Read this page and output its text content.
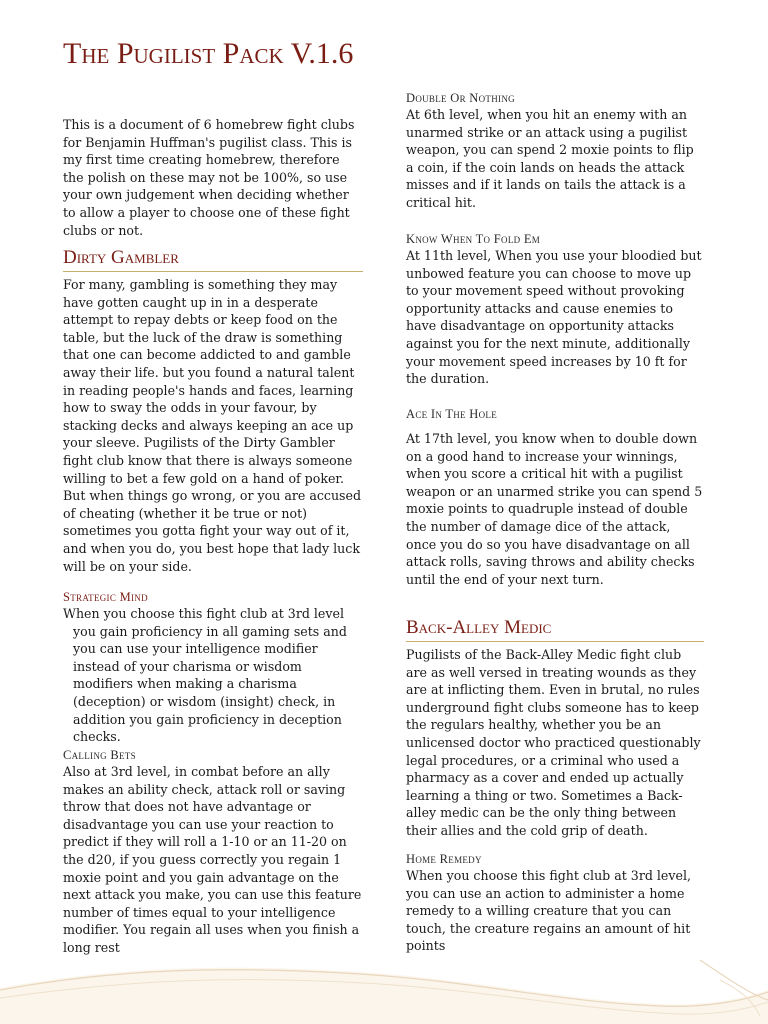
The Pugilist Pack V.1.6

This is a document of 6 homebrew fight clubs for Benjamin Huffman's pugilist class. This is my first time creating homebrew, therefore the polish on these may not be 100%, so use your own judgement when deciding whether to allow a player to choose one of these fight clubs or not.

Dirty Gambler

For many, gambling is something they may have gotten caught up in in a desperate attempt to repay debts or keep food on the table, but the luck of the draw is something that one can become addicted to and gamble away their life. but you found a natural talent in reading people's hands and faces, learning how to sway the odds in your favour, by stacking decks and always keeping an ace up your sleeve. Pugilists of the Dirty Gambler fight club know that there is always someone willing to bet a few gold on a hand of poker. But when things go wrong, or you are accused of cheating (whether it be true or not) sometimes you gotta fight your way out of it, and when you do, you best hope that lady luck will be on your side.

Strategic Mind

When you choose this fight club at 3rd level you gain proficiency in all gaming sets and you can use your intelligence modifier instead of your charisma or wisdom modifiers when making a charisma (deception) or wisdom (insight) check, in addition you gain proficiency in deception checks.

Calling Bets

Also at 3rd level, in combat before an ally makes an ability check, attack roll or saving throw that does not have advantage or disadvantage you can use your reaction to predict if they will roll a 1-10 or an 11-20 on the d20, if you guess correctly you regain 1 moxie point and you gain advantage on the next attack you make, you can use this feature number of times equal to your intelligence modifier. You regain all uses when you finish a long rest

Double Or Nothing

At 6th level, when you hit an enemy with an unarmed strike or an attack using a pugilist weapon, you can spend 2 moxie points to flip a coin, if the coin lands on heads the attack misses and if it lands on tails the attack is a critical hit.

Know When To Fold Em

At 11th level, When you use your bloodied but unbowed feature you can choose to move up to your movement speed without provoking opportunity attacks and cause enemies to have disadvantage on opportunity attacks against you for the next minute, additionally your movement speed increases by 10 ft for the duration.

Ace In The Hole

At 17th level, you know when to double down on a good hand to increase your winnings, when you score a critical hit with a pugilist weapon or an unarmed strike you can spend 5 moxie points to quadruple instead of double the number of damage dice of the attack, once you do so you have disadvantage on all attack rolls, saving throws and ability checks until the end of your next turn.

Back-Alley Medic

Pugilists of the Back-Alley Medic fight club are as well versed in treating wounds as they are at inflicting them. Even in brutal, no rules underground fight clubs someone has to keep the regulars healthy, whether you be an unlicensed doctor who practiced questionably legal procedures, or a criminal who used a pharmacy as a cover and ended up actually learning a thing or two. Sometimes a Back-alley medic can be the only thing between their allies and the cold grip of death.

Home Remedy

When you choose this fight club at 3rd level, you can use an action to administer a home remedy to a willing creature that you can touch, the creature regains an amount of hit points
